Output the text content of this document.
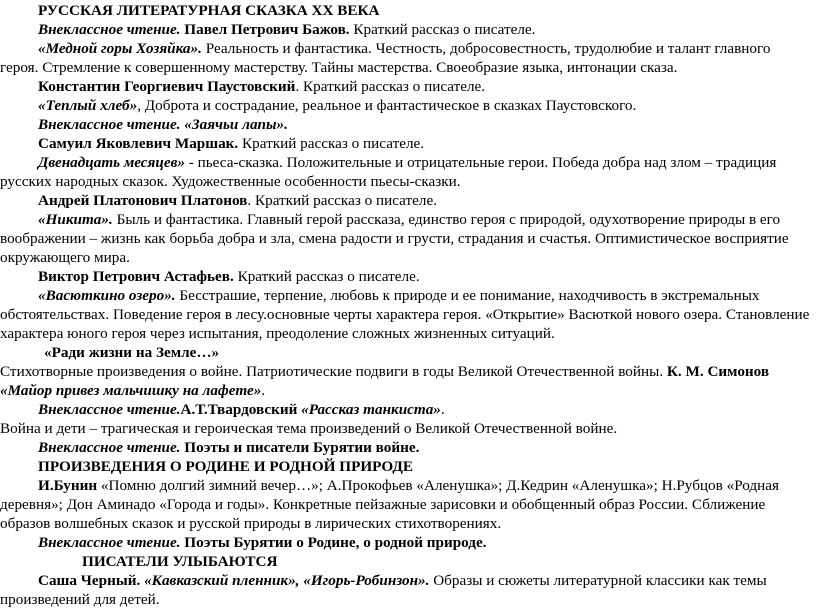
РУССКАЯ ЛИТЕРАТУРНАЯ СКАЗКА XX ВЕКА

Внеклассное чтение. Павел Петрович Бажов. Краткий рассказ о писателе.

«Медной горы Хозяйка». Реальность и фантастика. Честность, добросовестность, трудолюбие и талант главного героя. Стремление к совершенному мастерству. Тайны мастерства. Своеобразие языка, интонации сказа.

Константин Георгиевич Паустовский. Краткий рассказ о писателе.

«Теплый хлеб», Доброта и сострадание, реальное и фантастическое в сказках Паустовского.

Внеклассное чтение. «Заячьи лапы».

Самуил Яковлевич Маршак. Краткий рассказ о писателе.

Двенадцать месяцев» - пьеса-сказка. Положительные и отрицательные герои. Победа добра над злом – традиция русских народных сказок. Художественные особенности пьесы-сказки.

Андрей Платонович Платонов. Краткий рассказ о писателе.

«Никита». Быль и фантастика. Главный герой рассказа, единство героя с природой, одухотворение природы в его воображении – жизнь как борьба добра и зла, смена радости и грусти, страдания и счастья. Оптимистическое восприятие окружающего мира.

Виктор Петрович Астафьев. Краткий рассказ о писателе.

«Васюткино озеро». Бесстрашие, терпение, любовь к природе и ее понимание, находчивость в экстремальных обстоятельствах. Поведение героя в лесу.основные черты характера героя. «Открытие» Васюткой нового озера. Становление характера юного героя через испытания, преодоление сложных жизненных ситуаций.

«Ради жизни на Земле…»

Стихотворные произведения о войне. Патриотические подвиги в годы Великой Отечественной войны. К. М. Симонов «Майор привез мальчишку на лафете».

Внеклассное чтение.А.Т.Твардовский «Рассказ танкиста».

Война и дети – трагическая и героическая тема произведений о Великой Отечественной войне.

Внеклассное чтение. Поэты и писатели Бурятии войне.

ПРОИЗВЕДЕНИЯ О РОДИНЕ И РОДНОЙ ПРИРОДЕ

И.Бунин «Помню долгий зимний вечер…»; А.Прокофьев «Аленушка»; Д.Кедрин «Аленушка»; Н.Рубцов «Родная деревня»; Дон Аминадо «Города и годы». Конкретные пейзажные зарисовки и обобщенный образ России. Сближение образов волшебных сказок и русской природы в лирических стихотворениях.

Внеклассное чтение. Поэты Бурятии о Родине, о родной природе.

ПИСАТЕЛИ УЛЫБАЮТСЯ

Саша Черный. «Кавказский пленник», «Игорь-Робинзон». Образы и сюжеты литературной классики как темы произведений для детей.
